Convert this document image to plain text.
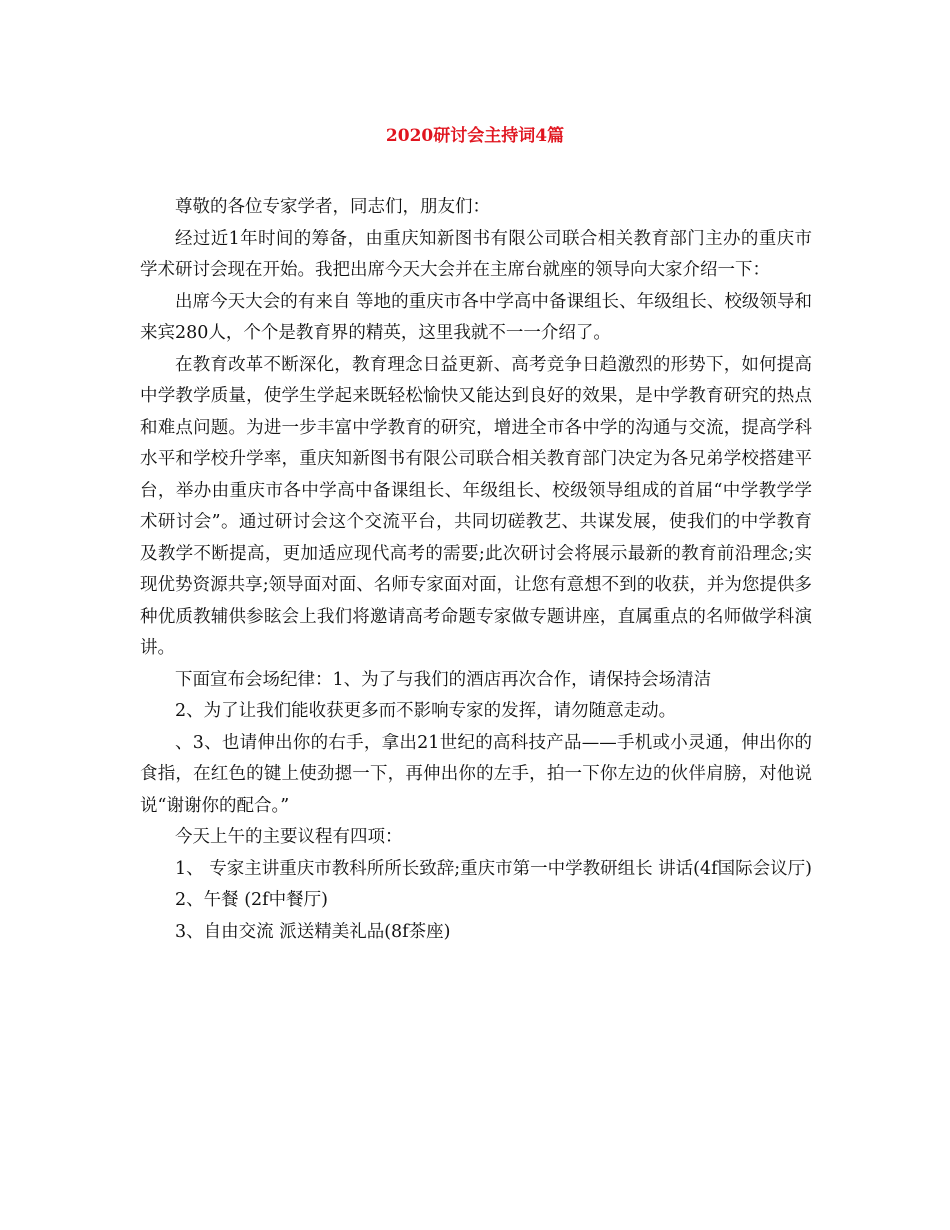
2020研讨会主持词4篇

尊敬的各位专家学者，同志们，朋友们：

经过近1年时间的筹备，由重庆知新图书有限公司联合相关教育部门主办的重庆市学术研讨会现在开始。我把出席今天大会并在主席台就座的领导向大家介绍一下：

出席今天大会的有来自 等地的重庆市各中学高中备课组长、年级组长、校级领导和来宾280人，个个是教育界的精英，这里我就不一一介绍了。

在教育改革不断深化，教育理念日益更新、高考竞争日趋激烈的形势下，如何提高中学教学质量，使学生学起来既轻松愉快又能达到良好的效果，是中学教育研究的热点和难点问题。为进一步丰富中学教育的研究，增进全市各中学的沟通与交流，提高学科水平和学校升学率，重庆知新图书有限公司联合相关教育部门决定为各兄弟学校搭建平台，举办由重庆市各中学高中备课组长、年级组长、校级领导组成的首届“中学教学学术研讨会”。通过研讨会这个交流平台，共同切磋教艺、共谋发展，使我们的中学教育及教学不断提高，更加适应现代高考的需要;此次研讨会将展示最新的教育前沿理念;实现优势资源共享;领导面对面、名师专家面对面，让您有意想不到的收获，并为您提供多种优质教辅供参眩会上我们将邀请高考命题专家做专题讲座，直属重点的名师做学科演讲。

下面宣布会场纪律：1、为了与我们的酒店再次合作，请保持会场清洁

2、为了让我们能收获更多而不影响专家的发挥，请勿随意走动。

、3、也请伸出你的右手，拿出21世纪的高科技产品——手机或小灵通，伸出你的食指，在红色的键上使劲摁一下，再伸出你的左手，拍一下你左边的伙伴肩膀，对他说说“谢谢你的配合。”

今天上午的主要议程有四项：

1、 专家主讲重庆市教科所所长致辞;重庆市第一中学教研组长 讲话(4f国际会议厅)

2、午餐 (2f中餐厅)

3、自由交流 派送精美礼品(8f茶座)
